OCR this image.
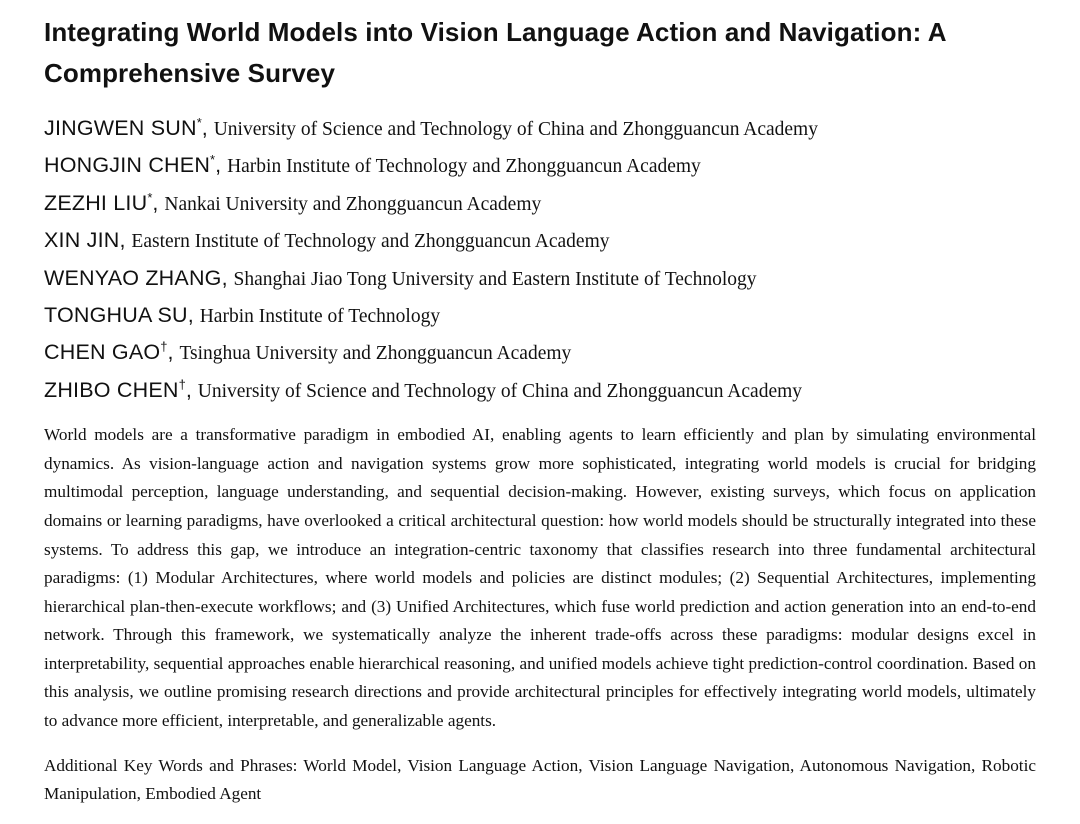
Integrating World Models into Vision Language Action and Navigation: A Comprehensive Survey
JINGWEN SUN*, University of Science and Technology of China and Zhongguancun Academy
HONGJIN CHEN*, Harbin Institute of Technology and Zhongguancun Academy
ZEZHI LIU*, Nankai University and Zhongguancun Academy
XIN JIN, Eastern Institute of Technology and Zhongguancun Academy
WENYAO ZHANG, Shanghai Jiao Tong University and Eastern Institute of Technology
TONGHUA SU, Harbin Institute of Technology
CHEN GAO†, Tsinghua University and Zhongguancun Academy
ZHIBO CHEN†, University of Science and Technology of China and Zhongguancun Academy

World models are a transformative paradigm in embodied AI, enabling agents to learn efficiently and plan by simulating environmental dynamics. As vision-language action and navigation systems grow more sophisticated, integrating world models is crucial for bridging multimodal perception, language understanding, and sequential decision-making. However, existing surveys, which focus on application domains or learning paradigms, have overlooked a critical architectural question: how world models should be structurally integrated into these systems. To address this gap, we introduce an integration-centric taxonomy that classifies research into three fundamental architectural paradigms: (1) Modular Architectures, where world models and policies are distinct modules; (2) Sequential Architectures, implementing hierarchical plan-then-execute workflows; and (3) Unified Architectures, which fuse world prediction and action generation into an end-to-end network. Through this framework, we systematically analyze the inherent trade-offs across these paradigms: modular designs excel in interpretability, sequential approaches enable hierarchical reasoning, and unified models achieve tight prediction-control coordination. Based on this analysis, we outline promising research directions and provide architectural principles for effectively integrating world models, ultimately to advance more efficient, interpretable, and generalizable agents.

Additional Key Words and Phrases: World Model, Vision Language Action, Vision Language Navigation, Autonomous Navigation, Robotic Manipulation, Embodied Agent
